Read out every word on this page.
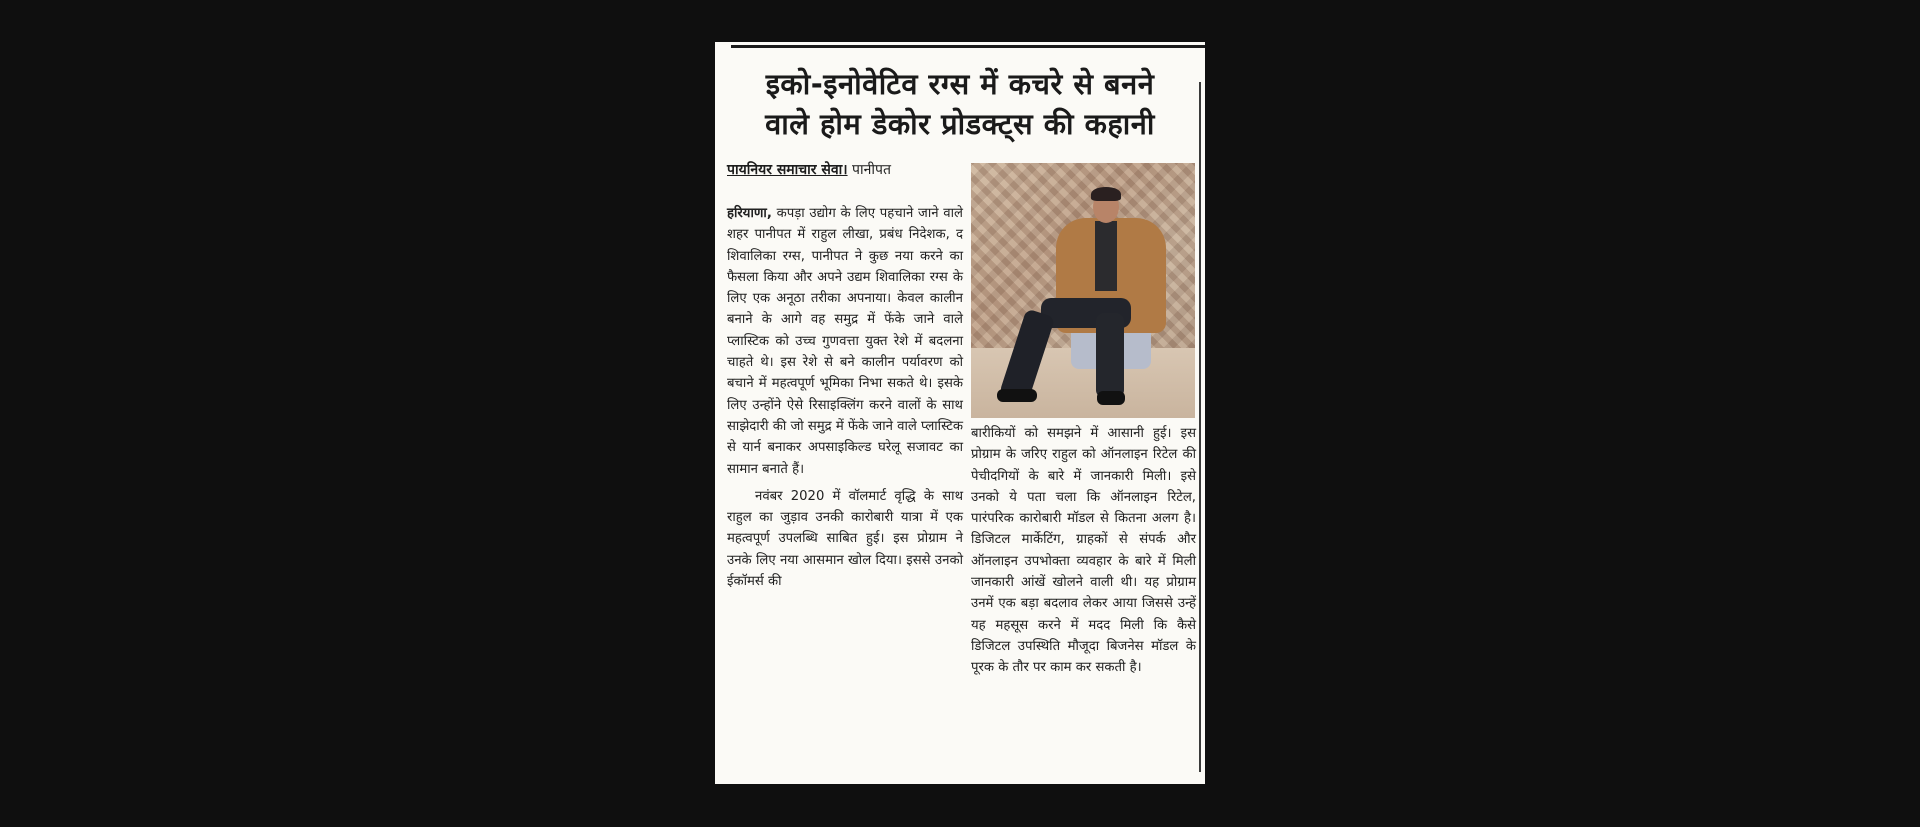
इको-इनोवेटिव रग्स में कचरे से बनने
वाले होम डेकोर प्रोडक्ट्स की कहानी
पायनियर समाचार सेवा। पानीपत

हरियाणा, कपड़ा उद्योग के लिए पहचाने जाने वाले शहर पानीपत में राहुल लीखा, प्रबंध निदेशक, द शिवालिका रग्स, पानीपत ने कुछ नया करने का फैसला किया और अपने उद्यम शिवालिका रग्स के लिए एक अनूठा तरीका अपनाया। केवल कालीन बनाने के आगे वह समुद्र में फेंके जाने वाले प्लास्टिक को उच्च गुणवत्ता युक्त रेशे में बदलना चाहते थे। इस रेशे से बने कालीन पर्यावरण को बचाने में महत्वपूर्ण भूमिका निभा सकते थे। इसके लिए उन्होंने ऐसे रिसाइक्लिंग करने वालों के साथ साझेदारी की जो समुद्र में फेंके जाने वाले प्लास्टिक से यार्न बनाकर अपसाइकिल्ड घरेलू सजावट का सामान बनाते हैं।

नवंबर 2020 में वॉलमार्ट वृद्धि के साथ राहुल का जुड़ाव उनकी कारोबारी यात्रा में एक महत्वपूर्ण उपलब्धि साबित हुई। इस प्रोग्राम ने उनके लिए नया आसमान खोल दिया। इससे उनको ईकॉमर्स की

बारीकियों को समझने में आसानी हुई। इस प्रोग्राम के जरिए राहुल को ऑनलाइन रिटेल की पेचीदगियों के बारे में जानकारी मिली। इसे उनको ये पता चला कि ऑनलाइन रिटेल, पारंपरिक कारोबारी मॉडल से कितना अलग है। डिजिटल मार्केटिंग, ग्राहकों से संपर्क और ऑनलाइन उपभोक्ता व्यवहार के बारे में मिली जानकारी आंखें खोलने वाली थी। यह प्रोग्राम उनमें एक बड़ा बदलाव लेकर आया जिससे उन्हें यह महसूस करने में मदद मिली कि कैसे डिजिटल उपस्थिति मौजूदा बिजनेस मॉडल के पूरक के तौर पर काम कर सकती है।
